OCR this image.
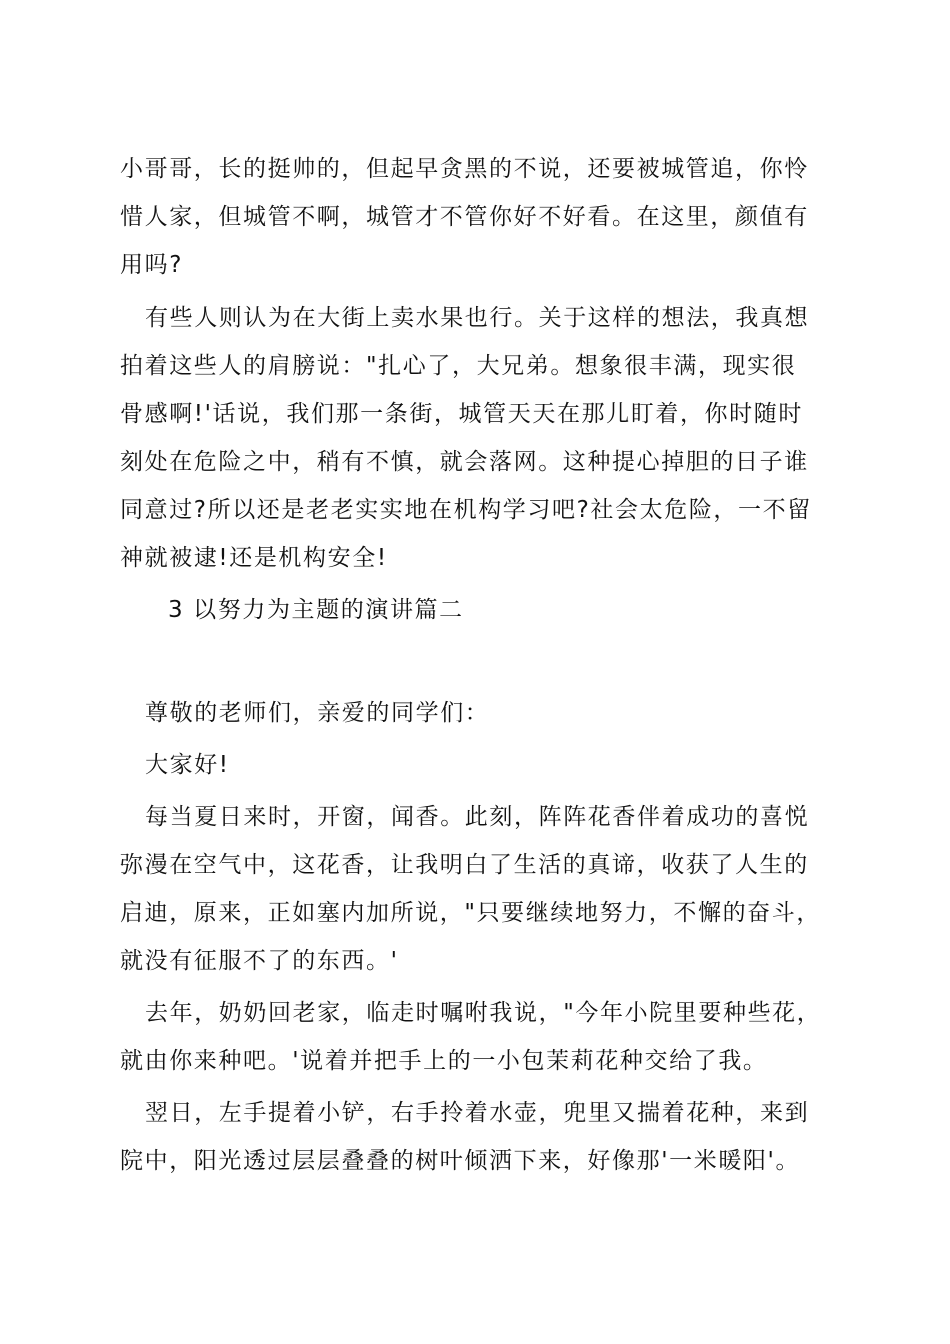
小哥哥，长的挺帅的，但起早贪黑的不说，还要被城管追，你怜
惜人家，但城管不啊，城管才不管你好不好看。在这里，颜值有
用吗?
有些人则认为在大街上卖水果也行。关于这样的想法，我真想
拍着这些人的肩膀说："扎心了，大兄弟。想象很丰满，现实很
骨感啊!'话说，我们那一条街，城管天天在那儿盯着，你时随时
刻处在危险之中，稍有不慎，就会落网。这种提心掉胆的日子谁
同意过?所以还是老老实实地在机构学习吧?社会太危险，一不留
神就被逮!还是机构安全!
3 以努力为主题的演讲篇二
尊敬的老师们，亲爱的同学们：
大家好!
每当夏日来时，开窗，闻香。此刻，阵阵花香伴着成功的喜悦
弥漫在空气中，这花香，让我明白了生活的真谛，收获了人生的
启迪，原来，正如塞内加所说，"只要继续地努力，不懈的奋斗，
就没有征服不了的东西。'
去年，奶奶回老家，临走时嘱咐我说，"今年小院里要种些花，
就由你来种吧。'说着并把手上的一小包茉莉花种交给了我。
翌日，左手提着小铲，右手拎着水壶，兜里又揣着花种，来到
院中，阳光透过层层叠叠的树叶倾洒下来，好像那'一米暖阳'。
